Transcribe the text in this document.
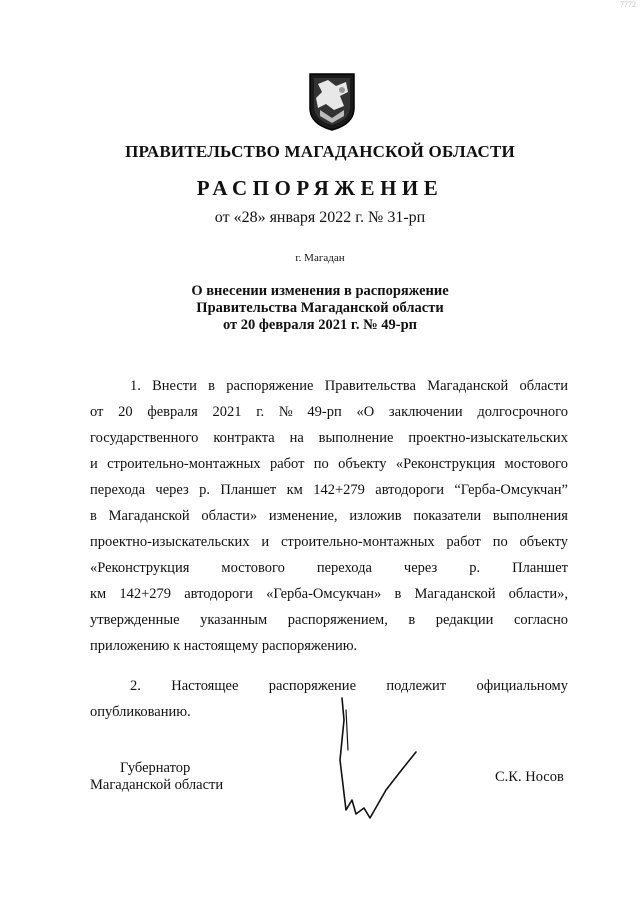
7772
ПРАВИТЕЛЬСТВО МАГАДАНСКОЙ ОБЛАСТИ
РАСПОРЯЖЕНИЕ
от «28» января 2022 г. № 31-рп
г. Магадан
О внесении изменения в распоряжение
Правительства Магаданской области
от 20 февраля 2021 г. № 49-рп
1. Внести в распоряжение Правительства Магаданской области
от 20 февраля 2021 г. № 49-рп «О заключении долгосрочного
государственного контракта на выполнение проектно-изыскательских
и строительно-монтажных работ по объекту «Реконструкция мостового
перехода через р. Планшет км 142+279 автодороги “Герба-Омсукчан”
в Магаданской области» изменение, изложив показатели выполнения
проектно-изыскательских и строительно-монтажных работ по объекту
«Реконструкция мостового перехода через р. Планшет
км 142+279 автодороги «Герба-Омсукчан» в Магаданской области»,
утвержденные указанным распоряжением, в редакции согласно
приложению к настоящему распоряжению.
2. Настоящее распоряжение подлежит официальному
опубликованию.
Губернатор
Магаданской области	С.К. Носов
